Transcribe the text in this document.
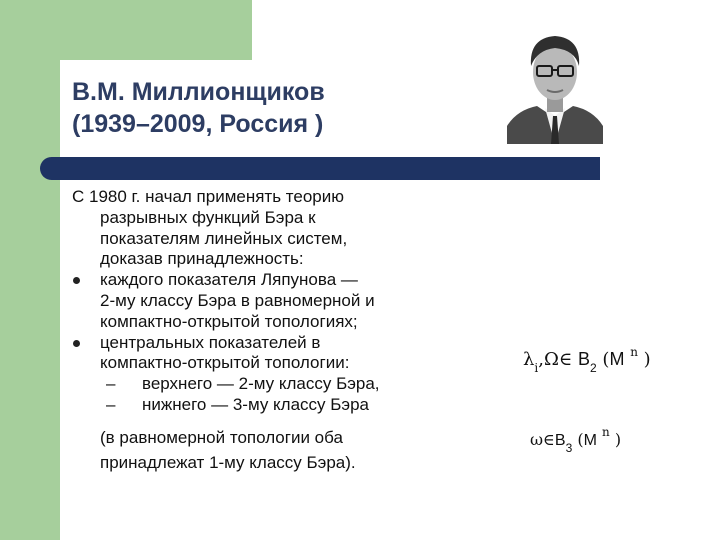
В.М. Миллионщиков
(1939–2009, Россия )
С 1980 г. начал применять теорию
разрывных функций Бэра к
показателям линейных систем,
доказав принадлежность:
каждого показателя Ляпунова —
2-му классу Бэра в равномерной и
компактно-открытой топологиях;
центральных показателей в
компактно-открытой топологии:
– верхнего — 2-му классу Бэра,
– нижнего — 3-му классу Бэра
(в равномерной топологии оба
принадлежат 1-му классу Бэра).
$\lambda_i,\Omega\in$ $B_2$ (M $^n$ )
$\omega\in B_3$ (M $^n$ )
